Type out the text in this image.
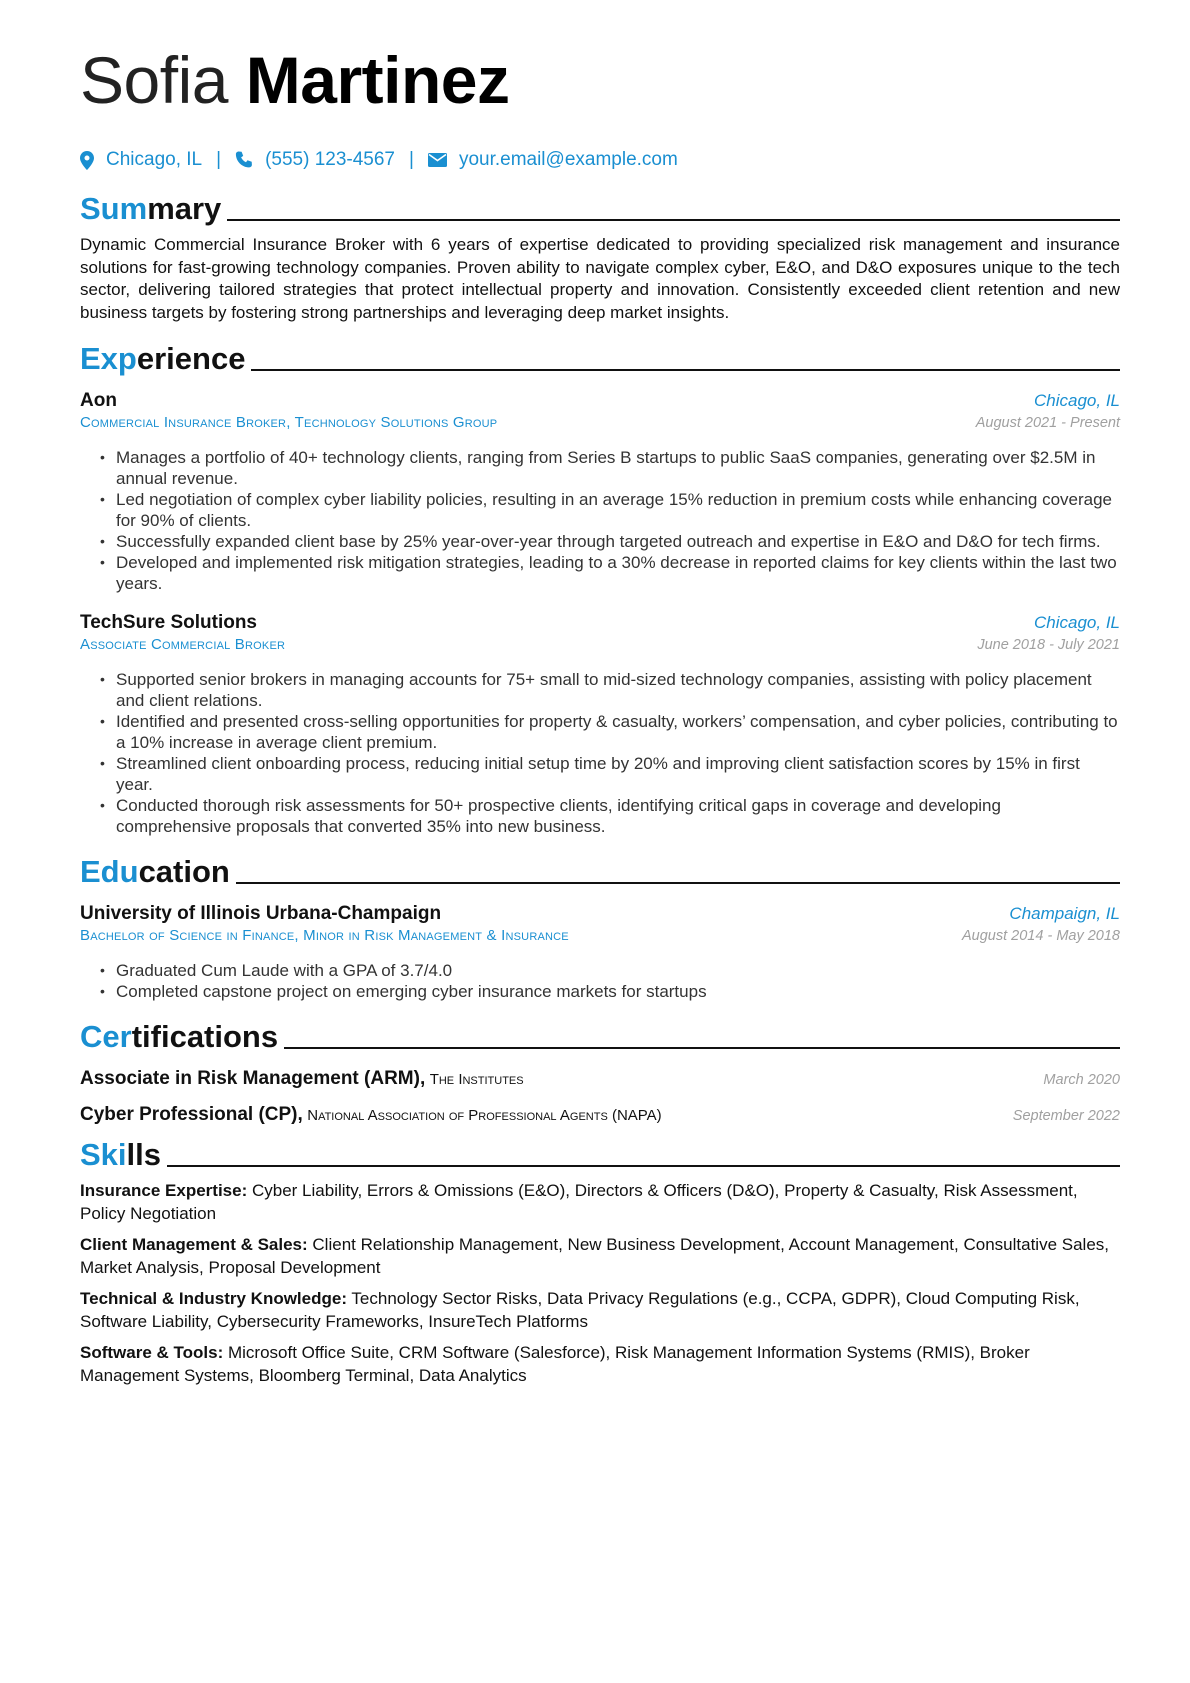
Sofia Martinez
Chicago, IL | (555) 123-4567 | your.email@example.com
Summary
Dynamic Commercial Insurance Broker with 6 years of expertise dedicated to providing specialized risk management and insurance solutions for fast-growing technology companies. Proven ability to navigate complex cyber, E&O, and D&O exposures unique to the tech sector, delivering tailored strategies that protect intellectual property and innovation. Consistently exceeded client retention and new business targets by fostering strong partnerships and leveraging deep market insights.
Experience
Aon	Chicago, IL
Commercial Insurance Broker, Technology Solutions Group	August 2021 - Present
• Manages a portfolio of 40+ technology clients, ranging from Series B startups to public SaaS companies, generating over $2.5M in annual revenue.
• Led negotiation of complex cyber liability policies, resulting in an average 15% reduction in premium costs while enhancing coverage for 90% of clients.
• Successfully expanded client base by 25% year-over-year through targeted outreach and expertise in E&O and D&O for tech firms.
• Developed and implemented risk mitigation strategies, leading to a 30% decrease in reported claims for key clients within the last two years.
TechSure Solutions	Chicago, IL
Associate Commercial Broker	June 2018 - July 2021
• Supported senior brokers in managing accounts for 75+ small to mid-sized technology companies, assisting with policy placement and client relations.
• Identified and presented cross-selling opportunities for property & casualty, workers’ compensation, and cyber policies, contributing to a 10% increase in average client premium.
• Streamlined client onboarding process, reducing initial setup time by 20% and improving client satisfaction scores by 15% in first year.
• Conducted thorough risk assessments for 50+ prospective clients, identifying critical gaps in coverage and developing comprehensive proposals that converted 35% into new business.
Education
University of Illinois Urbana-Champaign	Champaign, IL
Bachelor of Science in Finance, Minor in Risk Management & Insurance	August 2014 - May 2018
• Graduated Cum Laude with a GPA of 3.7/4.0
• Completed capstone project on emerging cyber insurance markets for startups
Certifications
Associate in Risk Management (ARM), The Institutes	March 2020
Cyber Professional (CP), National Association of Professional Agents (NAPA)	September 2022
Skills
Insurance Expertise: Cyber Liability, Errors & Omissions (E&O), Directors & Officers (D&O), Property & Casualty, Risk Assessment, Policy Negotiation
Client Management & Sales: Client Relationship Management, New Business Development, Account Management, Consultative Sales, Market Analysis, Proposal Development
Technical & Industry Knowledge: Technology Sector Risks, Data Privacy Regulations (e.g., CCPA, GDPR), Cloud Computing Risk, Software Liability, Cybersecurity Frameworks, InsureTech Platforms
Software & Tools: Microsoft Office Suite, CRM Software (Salesforce), Risk Management Information Systems (RMIS), Broker Management Systems, Bloomberg Terminal, Data Analytics
